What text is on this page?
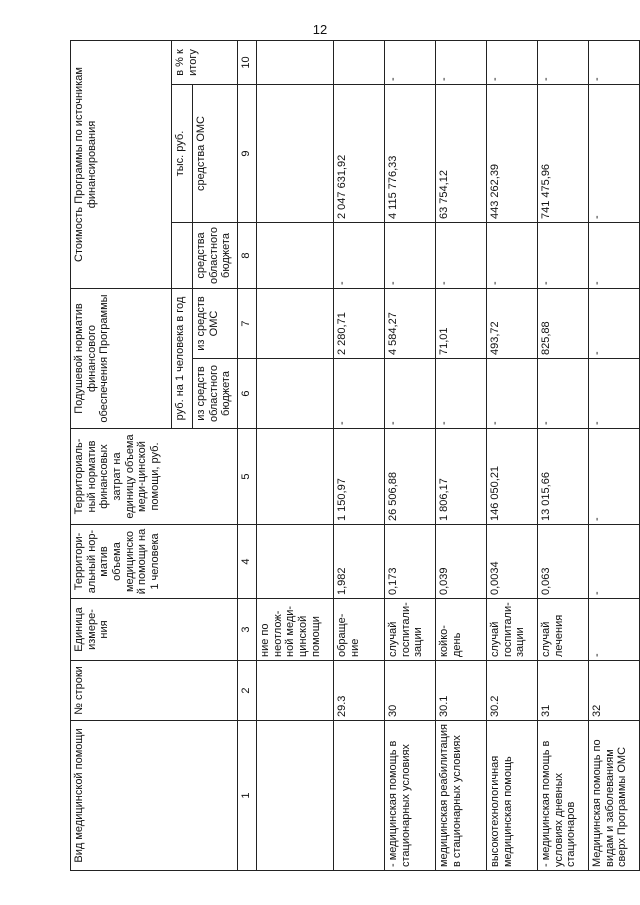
12
Вид медицинской помощи	№ строки	Единица измере-ния	Территори-альный нор-матив объема медицинской помощи на 1 человека	Территориаль-ный норматив финансовых затрат на единицу объема меди-цинской помощи, руб.	Подушевой норматив финансового обеспечения Программы		Стоимость Программы по источникам финансирования		
					руб. на 1 человека в год			тыс. руб.	в % к итогу
					из средств областного бюджета	из средств ОМС	средства областного бюджета	средства ОМС	
1	2	3	4	5	6	7	8	9	10
		ние по неотлож-ной меди-цинской помощи							
	29.3	обраще-ние	1,982	1 150,97	-	2 280,71	-	2 047 631,92	
- медицинская помощь в стационарных условиях	30	случай госпитали-зации	0,173	26 506,88	-	4 584,27	-	4 115 776,33	-
медицинская реабилитация в стационарных условиях	30.1	койко-день	0,039	1 806,17	-	71,01	-	63 754,12	-
высокотехнологичная медицинская помощь	30.2	случай госпитали-зации	0,0034	146 050,21	-	493,72	-	443 262,39	-
- медицинская помощь в условиях дневных стационаров	31	случай лечения	0,063	13 015,66	-	825,88	-	741 475,96	-
Медицинская помощь по видам и заболеваниям сверх Программы ОМС	32	-	-	-	-	-	-	-	-
